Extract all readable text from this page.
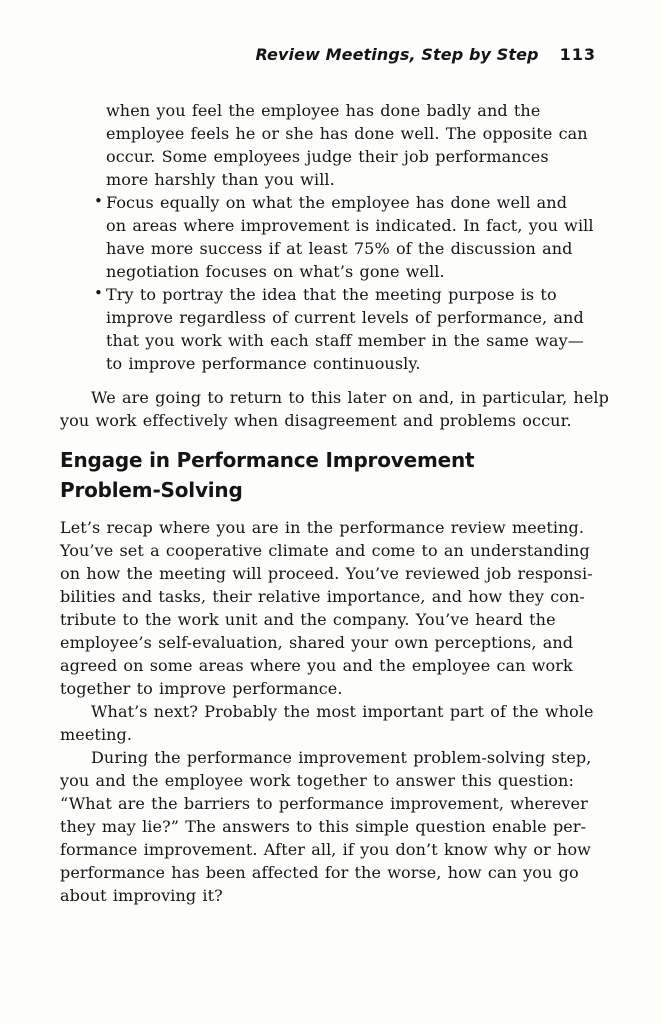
Review Meetings, Step by Step 113
when you feel the employee has done badly and the
employee feels he or she has done well. The opposite can
occur. Some employees judge their job performances
more harshly than you will.
• Focus equally on what the employee has done well and
on areas where improvement is indicated. In fact, you will
have more success if at least 75% of the discussion and
negotiation focuses on what’s gone well.
• Try to portray the idea that the meeting purpose is to
improve regardless of current levels of performance, and
that you work with each staff member in the same way—
to improve performance continuously.
We are going to return to this later on and, in particular, help
you work effectively when disagreement and problems occur.
Engage in Performance Improvement
Problem-Solving
Let’s recap where you are in the performance review meeting.
You’ve set a cooperative climate and come to an understanding
on how the meeting will proceed. You’ve reviewed job responsi-
bilities and tasks, their relative importance, and how they con-
tribute to the work unit and the company. You’ve heard the
employee’s self-evaluation, shared your own perceptions, and
agreed on some areas where you and the employee can work
together to improve performance.
What’s next? Probably the most important part of the whole
meeting.
During the performance improvement problem-solving step,
you and the employee work together to answer this question:
“What are the barriers to performance improvement, wherever
they may lie?” The answers to this simple question enable per-
formance improvement. After all, if you don’t know why or how
performance has been affected for the worse, how can you go
about improving it?
